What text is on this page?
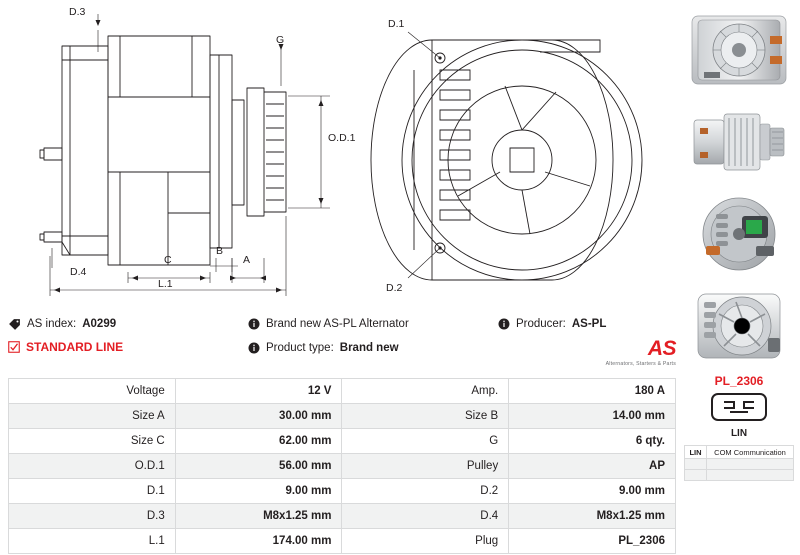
D.3
G
O.D.1
C	A
B
D.4
L.1
D.1
D.2
AS index: A0299
STANDARD LINE
Brand new AS-PL Alternator
Product type: Brand new
Producer: AS-PL
AS
Alternators, Starters & Parts
Voltage	12 V	Amp.	180 A
Size A	30.00 mm	Size B	14.00 mm
Size C	62.00 mm	G	6 qty.
O.D.1	56.00 mm	Pulley	AP
D.1	9.00 mm	D.2	9.00 mm
D.3	M8x1.25 mm	D.4	M8x1.25 mm
L.1	174.00 mm	Plug	PL_2306
PL_2306
LIN
LIN	COM Communication
